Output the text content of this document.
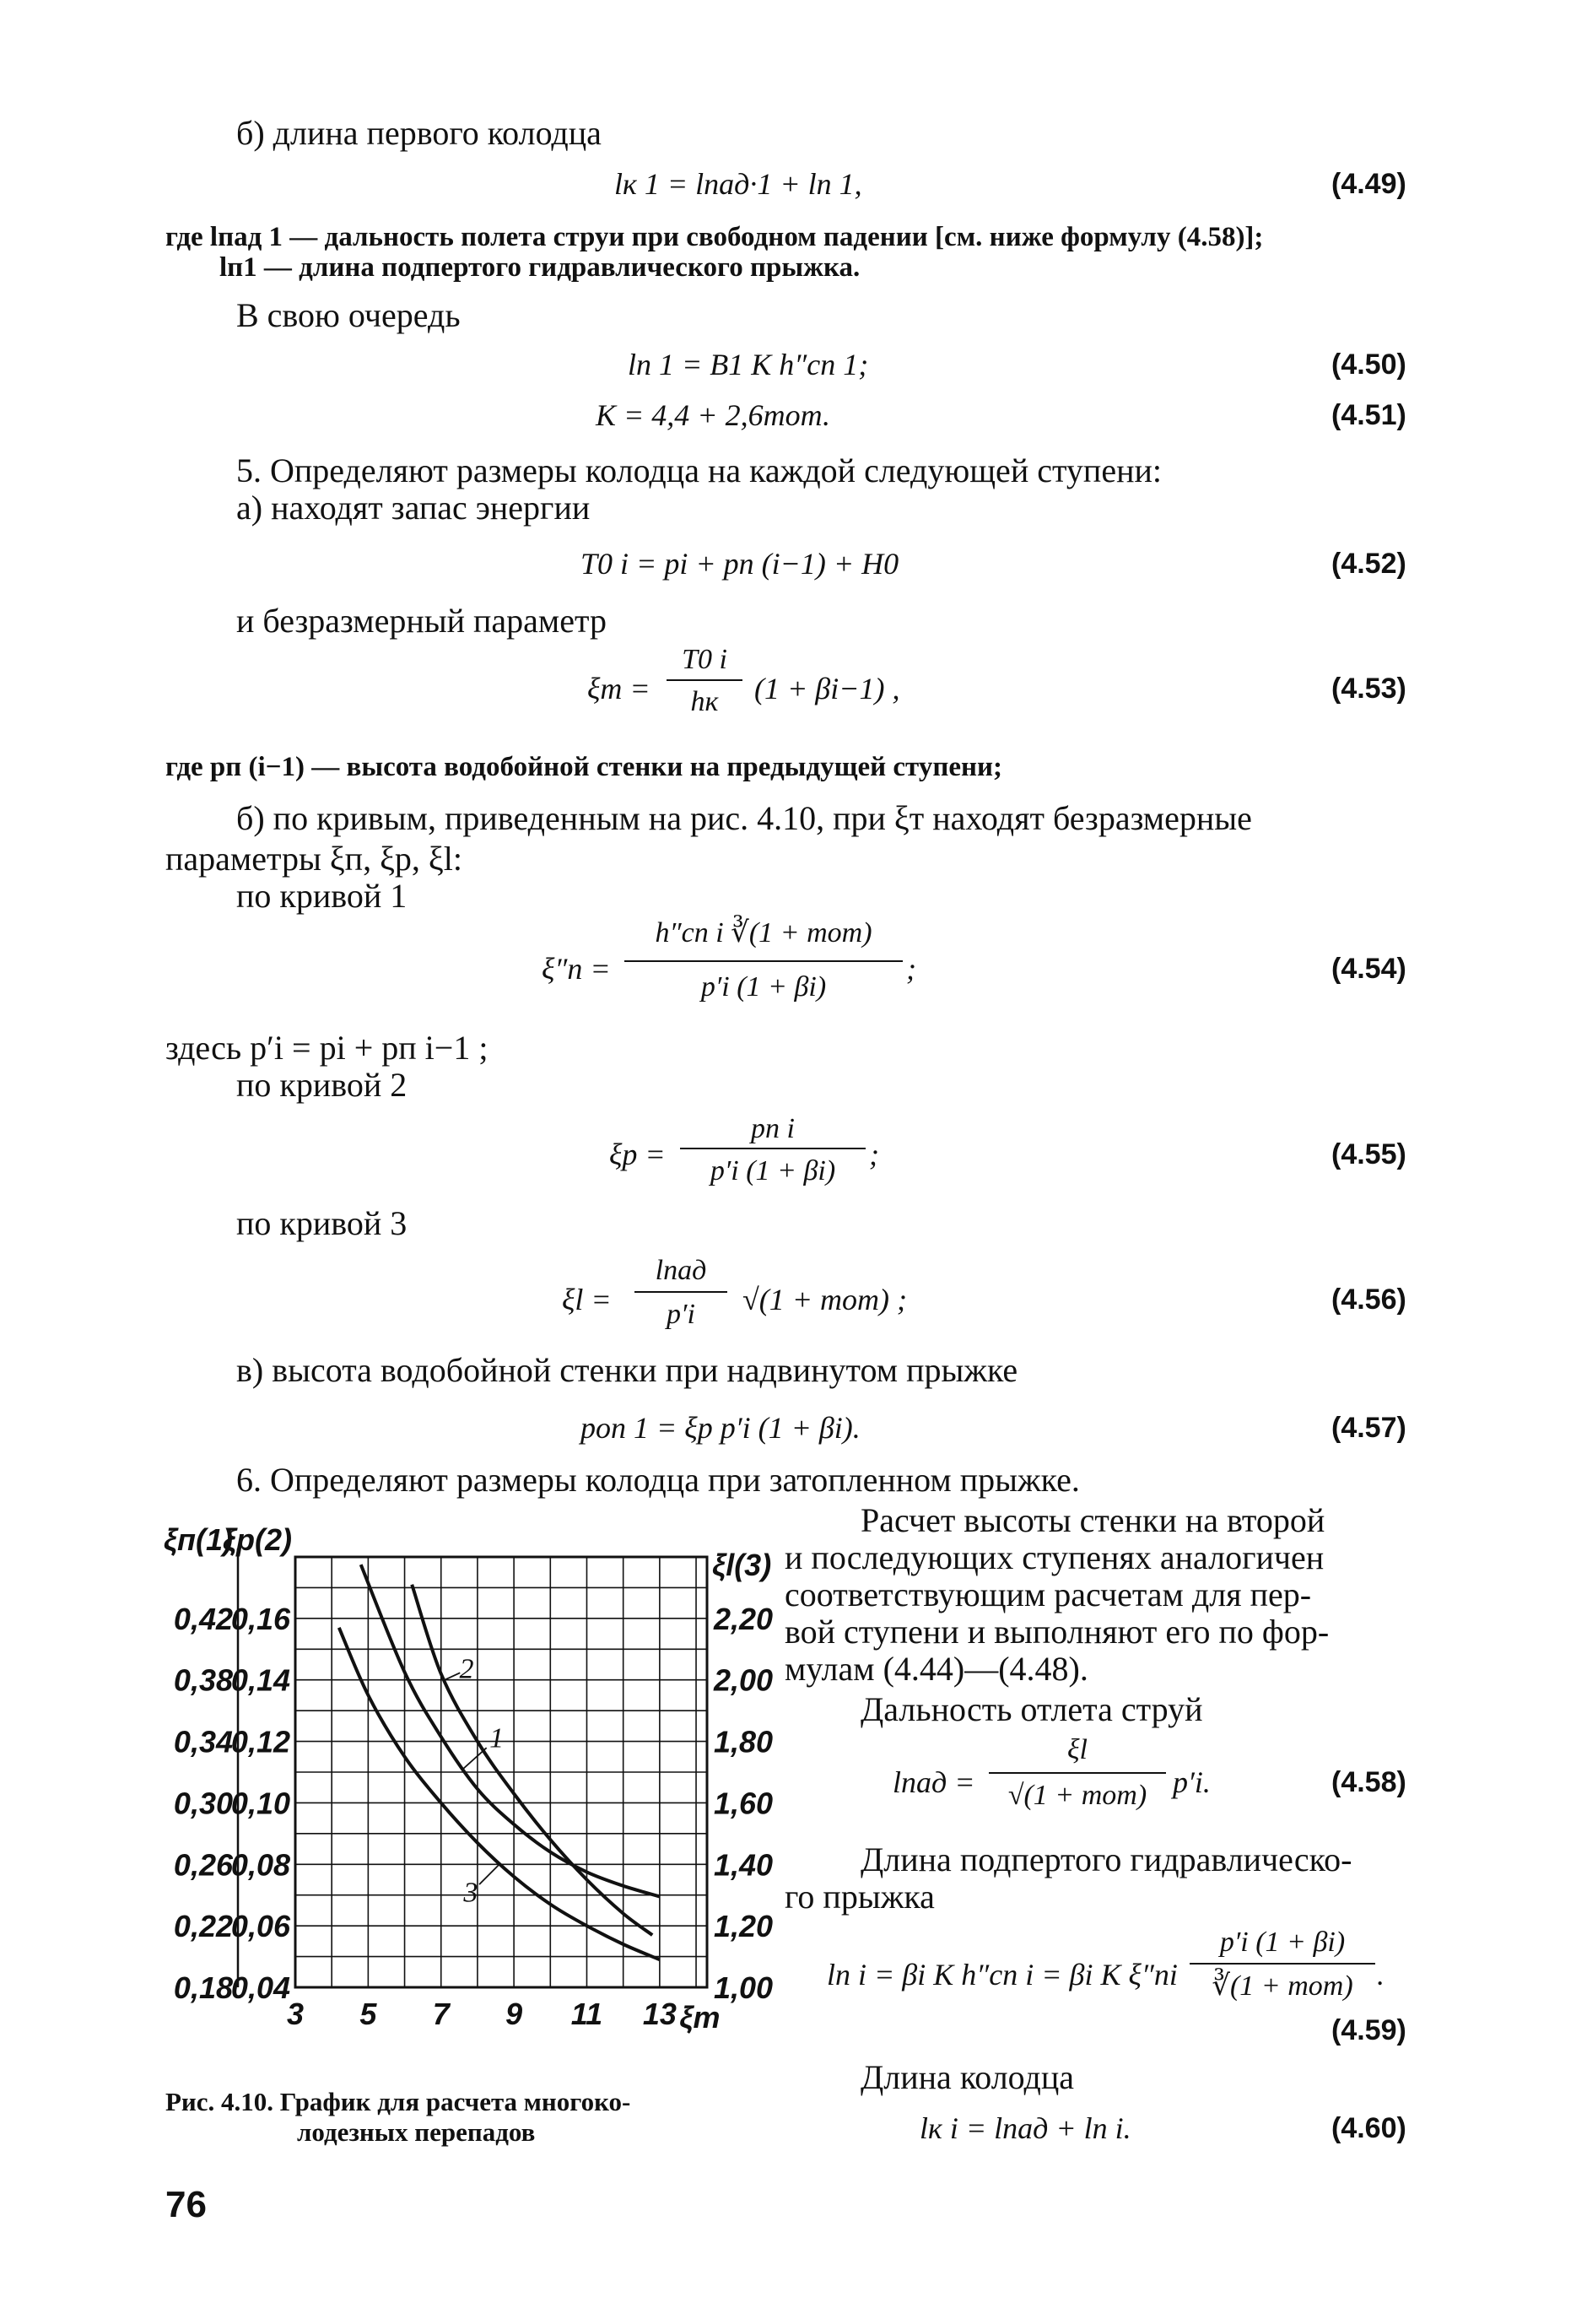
б) длина первого колодца
lк 1 = lпад·1 + lп 1,	(4.49)
где lпад 1 — дальность полета струи при свободном падении [см. ниже формулу (4.58)];
lп1 — длина подпертого гидравлического прыжка.
В свою очередь
lп 1 = B1 K h″сп 1;	(4.50)
K = 4,4 + 2,6mот.	(4.51)
5. Определяют размеры колодца на каждой следующей ступени:
а) находят запас энергии
T0 i = pi + pп (i−1) + H0	(4.52)
и безразмерный параметр
ξт =
T0 i
hк	(1 + βi−1) ,	(4.53)
где pп (i−1) — высота водобойной стенки на предыдущей ступени;
б) по кривым, приведенным на рис. 4.10, при ξт находят безразмерные
параметры ξп, ξр, ξl:
по кривой 1
ξ″п =
h″сп i ∛(1 + mот)
p′i (1 + βi)
;	(4.54)
здесь p′i = pi + pп i−1 ;
по кривой 2
ξр =
pп i
p′i (1 + βi)	;	(4.55)
по кривой 3
ξl =
lпад
p′i	√(1 + mот) ;	(4.56)
в) высота водобойной стенки при надвинутом прыжке
pоп 1 = ξр p′i (1 + βi).	(4.57)
6. Определяют размеры колодца при затопленном прыжке.
Расчет высоты стенки на второй
и последующих ступенях аналогичен
соответствующим расчетам для пер-
вой ступени и выполняют его по фор-
мулам (4.44)—(4.48).
Дальность отлета струй
lпад =
ξl
√(1 + mот) p′i.	(4.58)
Длина подпертого гидравлическо-
го прыжка
lп i = βi K h″сп i = βi K ξ″пi
p′i (1 + βi)
∛(1 + mот) .
(4.59)
Длина колодца
lк i = lпад + lп i.	(4.60)
Рис. 4.10. График для расчета многоко-
лодезных перепадов
76
0,18
0,22
0,26
0,30
0,34
0,38
0,42
0,04
0,06
0,08
0,10
0,12
0,14
0,16
1,00
1,20
1,40
1,60
1,80
2,00
2,20
ξп(1)
ξр(2)
ξl(3)
3 5 7 9 11 13 ξт
1
2
3
